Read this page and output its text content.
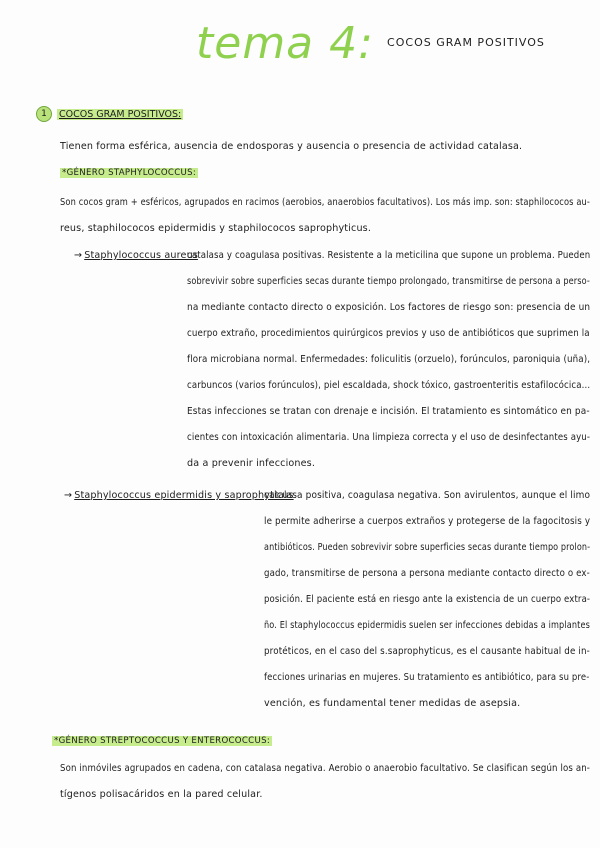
tema 4: $^{COCOS GRAM POSITIVOS}$
1	COCOS GRAM POSITIVOS:
Tienen forma esférica, ausencia de endosporas y ausencia o presencia de actividad catalasa.
*GÉNERO STAPHYLOCOCCUS:
Son cocos gram + esféricos, agrupados en racimos (aerobios, anaerobios facultativos). Los más imp. son: staphilococos au-
reus, staphilococos epidermidis y staphilococos saprophyticus.
→ Staphylococcus aureus
catalasa y coagulasa positivas. Resistente a la meticilina que supone un problema. Pueden
sobrevivir sobre superficies secas durante tiempo prolongado, transmitirse de persona a perso-
na mediante contacto directo o exposición. Los factores de riesgo son: presencia de un
cuerpo extraño, procedimientos quirúrgicos previos y uso de antibióticos que suprimen la
flora microbiana normal. Enfermedades: foliculitis (orzuelo), forúnculos, paroniquia (uña),
carbuncos (varios forúnculos), piel escaldada, shock tóxico, gastroenteritis estafilocócica...
Estas infecciones se tratan con drenaje e incisión. El tratamiento es sintomático en pa-
cientes con intoxicación alimentaria. Una limpieza correcta y el uso de desinfectantes ayu-
da a prevenir infecciones.
→ Staphylococcus epidermidis y saprophyticus
catalasa positiva, coagulasa negativa. Son avirulentos, aunque el limo
le permite adherirse a cuerpos extraños y protegerse de la fagocitosis y
antibióticos. Pueden sobrevivir sobre superficies secas durante tiempo prolon-
gado, transmitirse de persona a persona mediante contacto directo o ex-
posición. El paciente está en riesgo ante la existencia de un cuerpo extra-
ño. El staphylococcus epidermidis suelen ser infecciones debidas a implantes
protéticos, en el caso del s.saprophyticus, es el causante habitual de in-
fecciones urinarias en mujeres. Su tratamiento es antibiótico, para su pre-
vención, es fundamental tener medidas de asepsia.
*GÉNERO STREPTOCOCCUS Y ENTEROCOCCUS:
Son inmóviles agrupados en cadena, con catalasa negativa. Aerobio o anaerobio facultativo. Se clasifican según los an-
tígenos polisacáridos en la pared celular.
